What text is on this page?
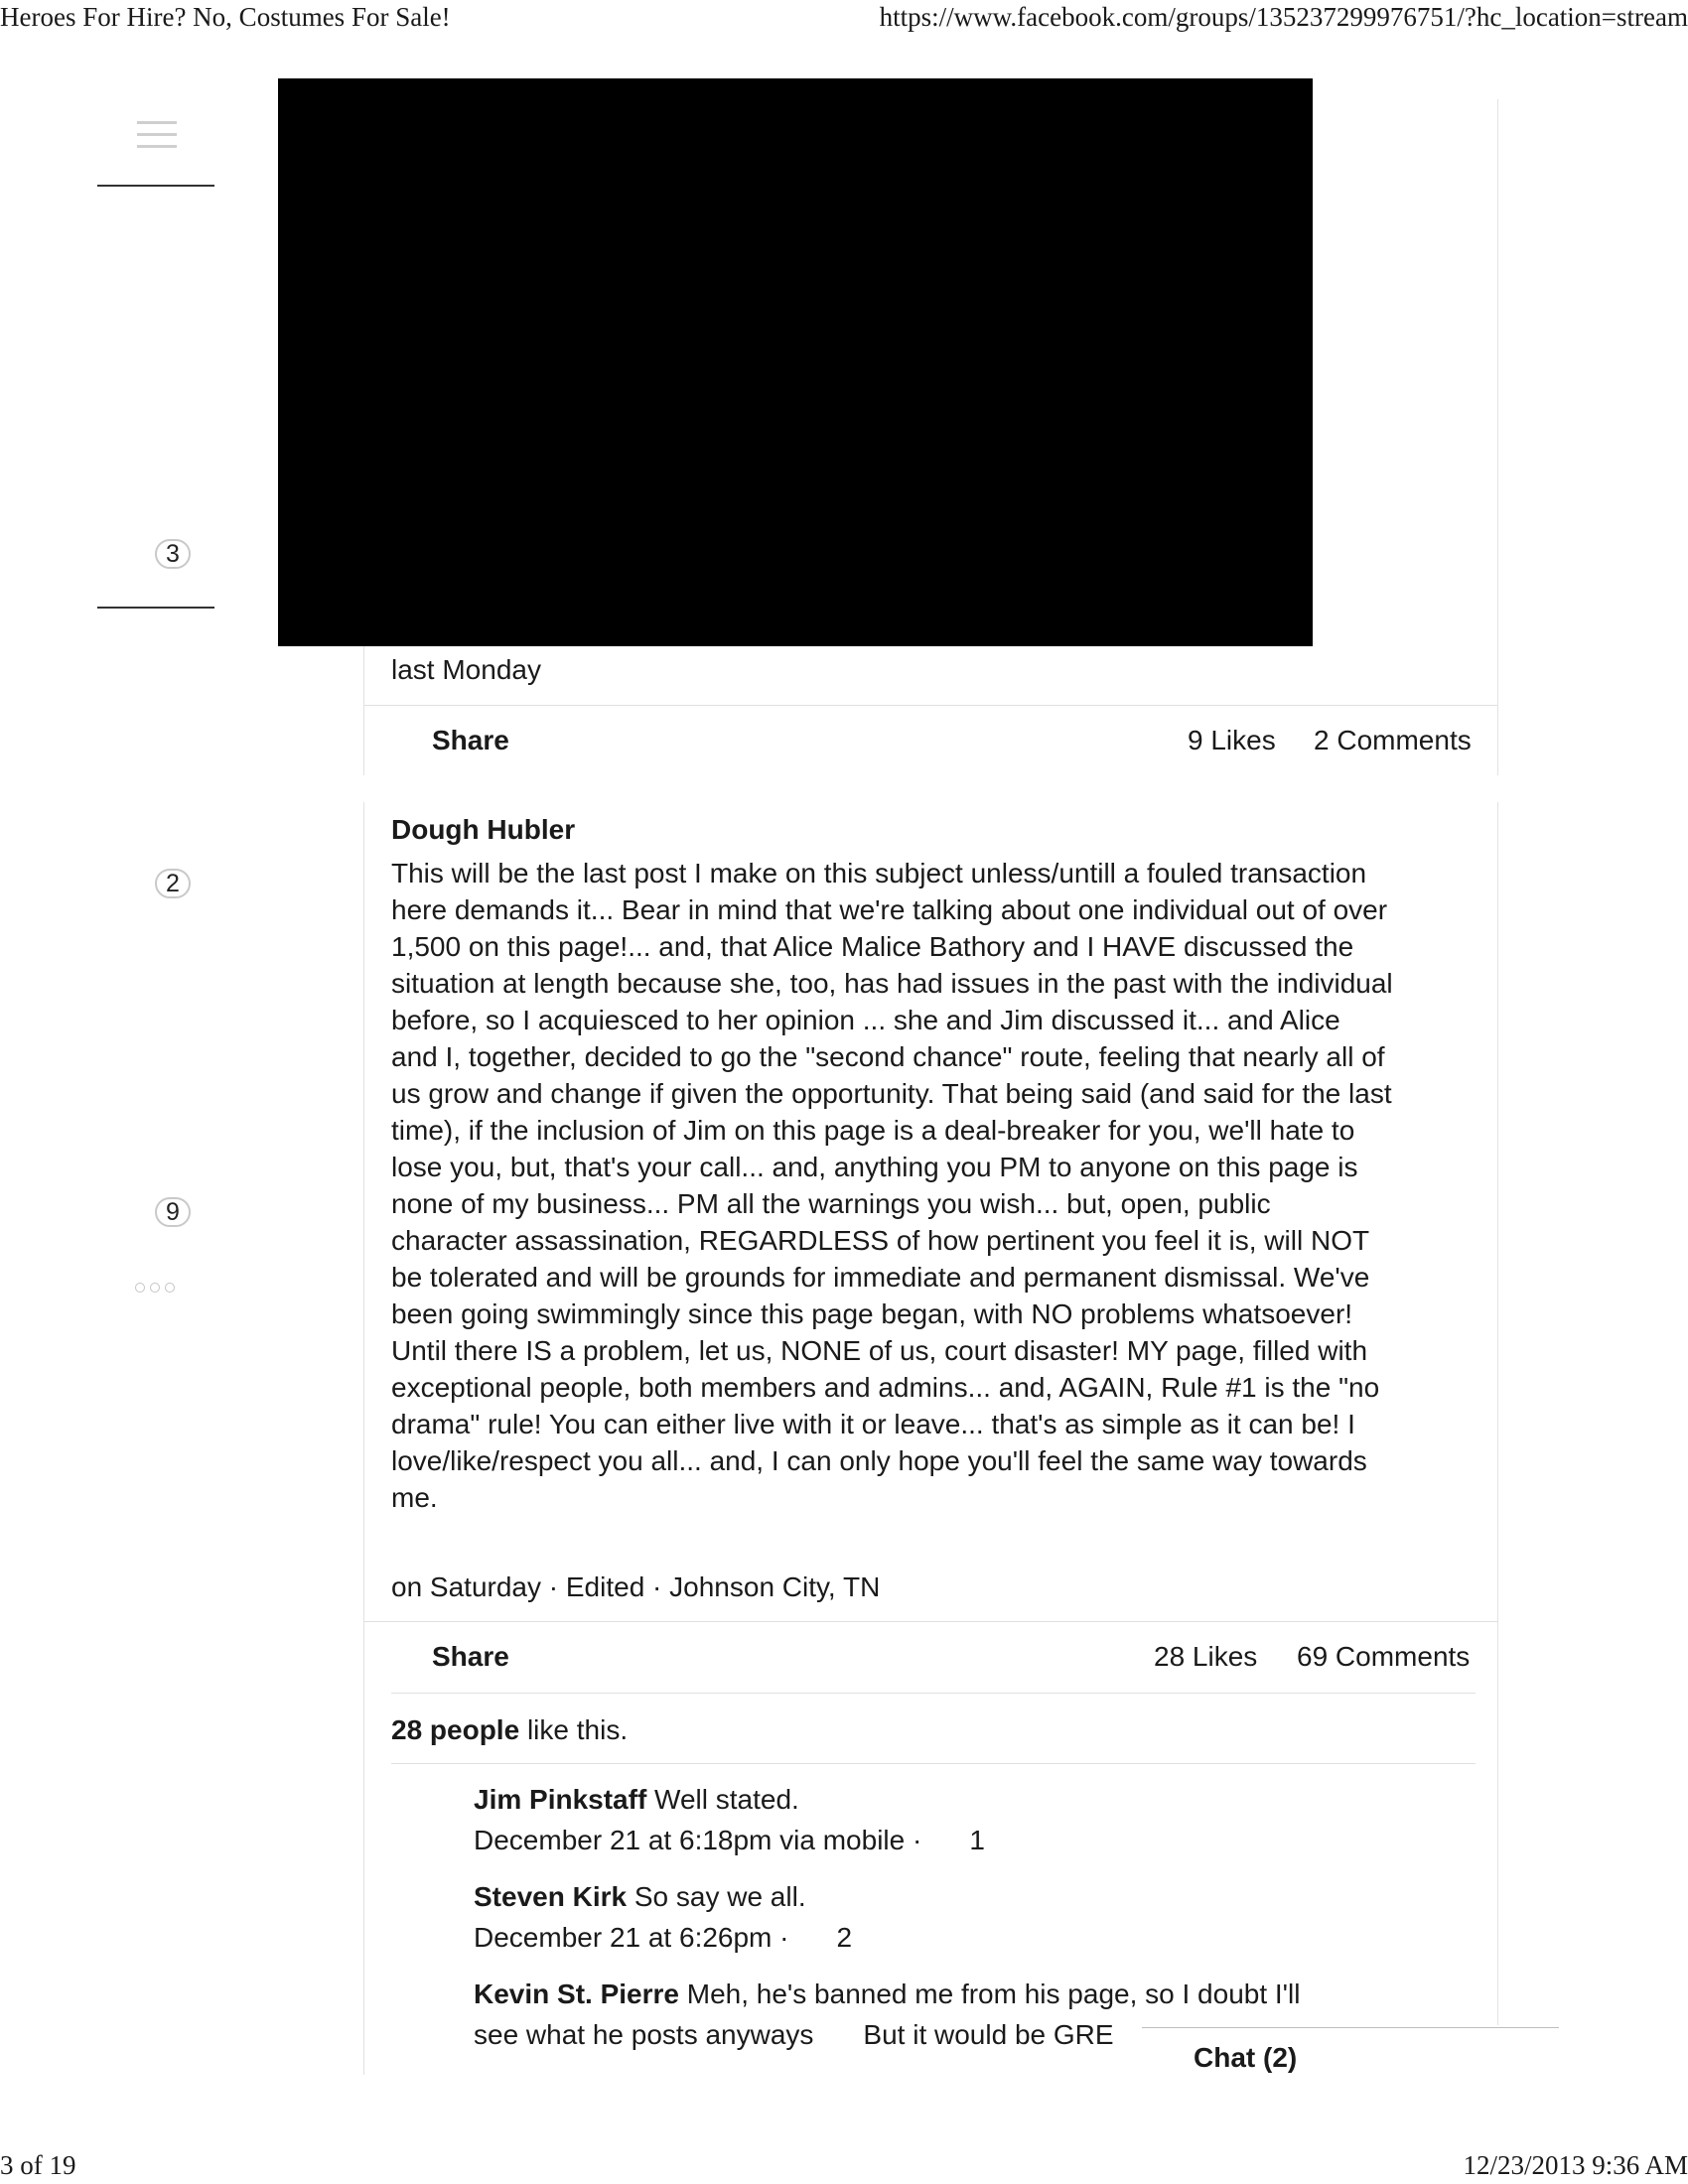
Heroes For Hire? No, Costumes For Sale!	https://www.facebook.com/groups/135237299976751/?hc_location=stream
3 of 19	12/23/2013 9:36 AM
3
2
9
last Monday
Share	9 Likes 2 Comments
Dough Hubler
This will be the last post I make on this subject unless/untill a fouled transaction here demands it... Bear in mind that we're talking about one individual out of over 1,500 on this page!... and, that Alice Malice Bathory and I HAVE discussed the situation at length because she, too, has had issues in the past with the individual before, so I acquiesced to her opinion ... she and Jim discussed it... and Alice and I, together, decided to go the "second chance" route, feeling that nearly all of us grow and change if given the opportunity. That being said (and said for the last time), if the inclusion of Jim on this page is a deal-breaker for you, we'll hate to lose you, but, that's your call... and, anything you PM to anyone on this page is none of my business... PM all the warnings you wish... but, open, public character assassination, REGARDLESS of how pertinent you feel it is, will NOT be tolerated and will be grounds for immediate and permanent dismissal. We've been going swimmingly since this page began, with NO problems whatsoever! Until there IS a problem, let us, NONE of us, court disaster! MY page, filled with exceptional people, both members and admins... and, AGAIN, Rule #1 is the "no drama" rule! You can either live with it or leave... that's as simple as it can be! I love/like/respect you all... and, I can only hope you'll feel the same way towards me.
on Saturday · Edited · Johnson City, TN
Share	28 Likes 69 Comments
28 people like this.
Jim Pinkstaff Well stated.
December 21 at 6:18pm via mobile · 1
Steven Kirk So say we all.
December 21 at 6:26pm · 2
Kevin St. Pierre Meh, he's banned me from his page, so I doubt I'll
see what he posts anyways But it would be GRE
Chat (2)
